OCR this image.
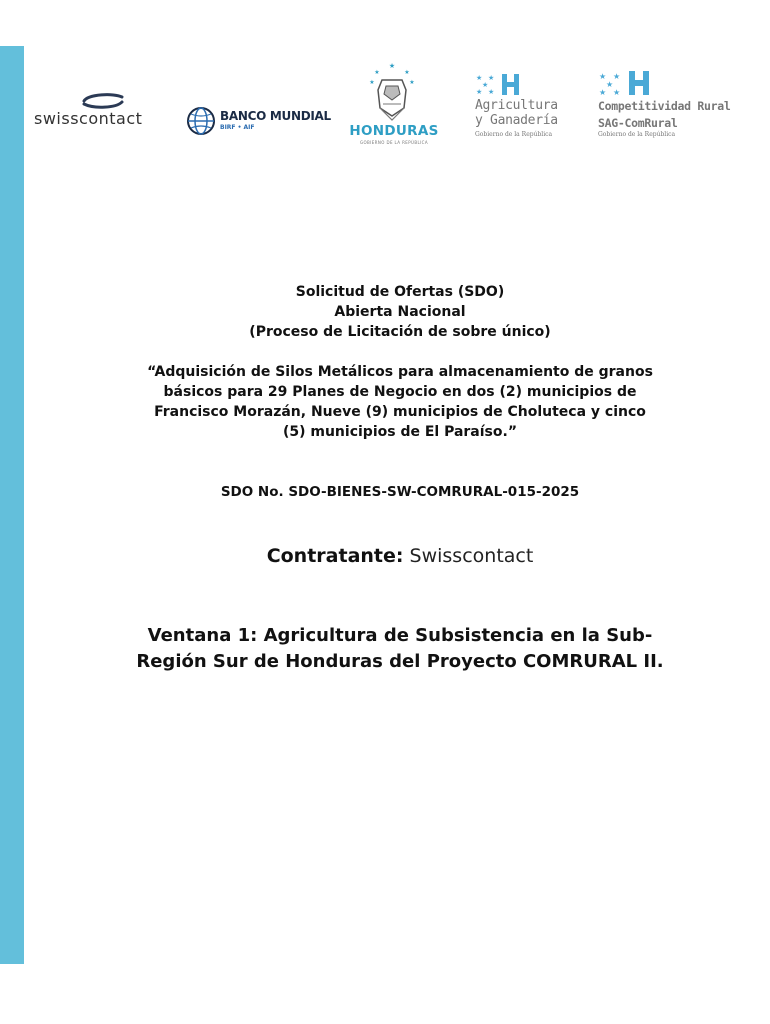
swisscontact	BANCO MUNDIAL
BIRF • AIF
★
★	★
★	★
HONDURAS
GOBIERNO DE LA REPÚBLICA
★ ★
★
★ ★
Agricultura
y Ganadería
Gobierno de la República
★ ★
★
★ ★
Competitividad Rural
SAG-ComRural
Gobierno de la República
Solicitud de Ofertas (SDO)
Abierta Nacional
(Proceso de Licitación de sobre único)
“Adquisición de Silos Metálicos para almacenamiento de granos
básicos para 29 Planes de Negocio en dos (2) municipios de
Francisco Morazán, Nueve (9) municipios de Choluteca y cinco
(5) municipios de El Paraíso.”
SDO No. SDO-BIENES-SW-COMRURAL-015-2025
Contratante: Swisscontact
Ventana 1: Agricultura de Subsistencia en la Sub-
Región Sur de Honduras del Proyecto COMRURAL II.
